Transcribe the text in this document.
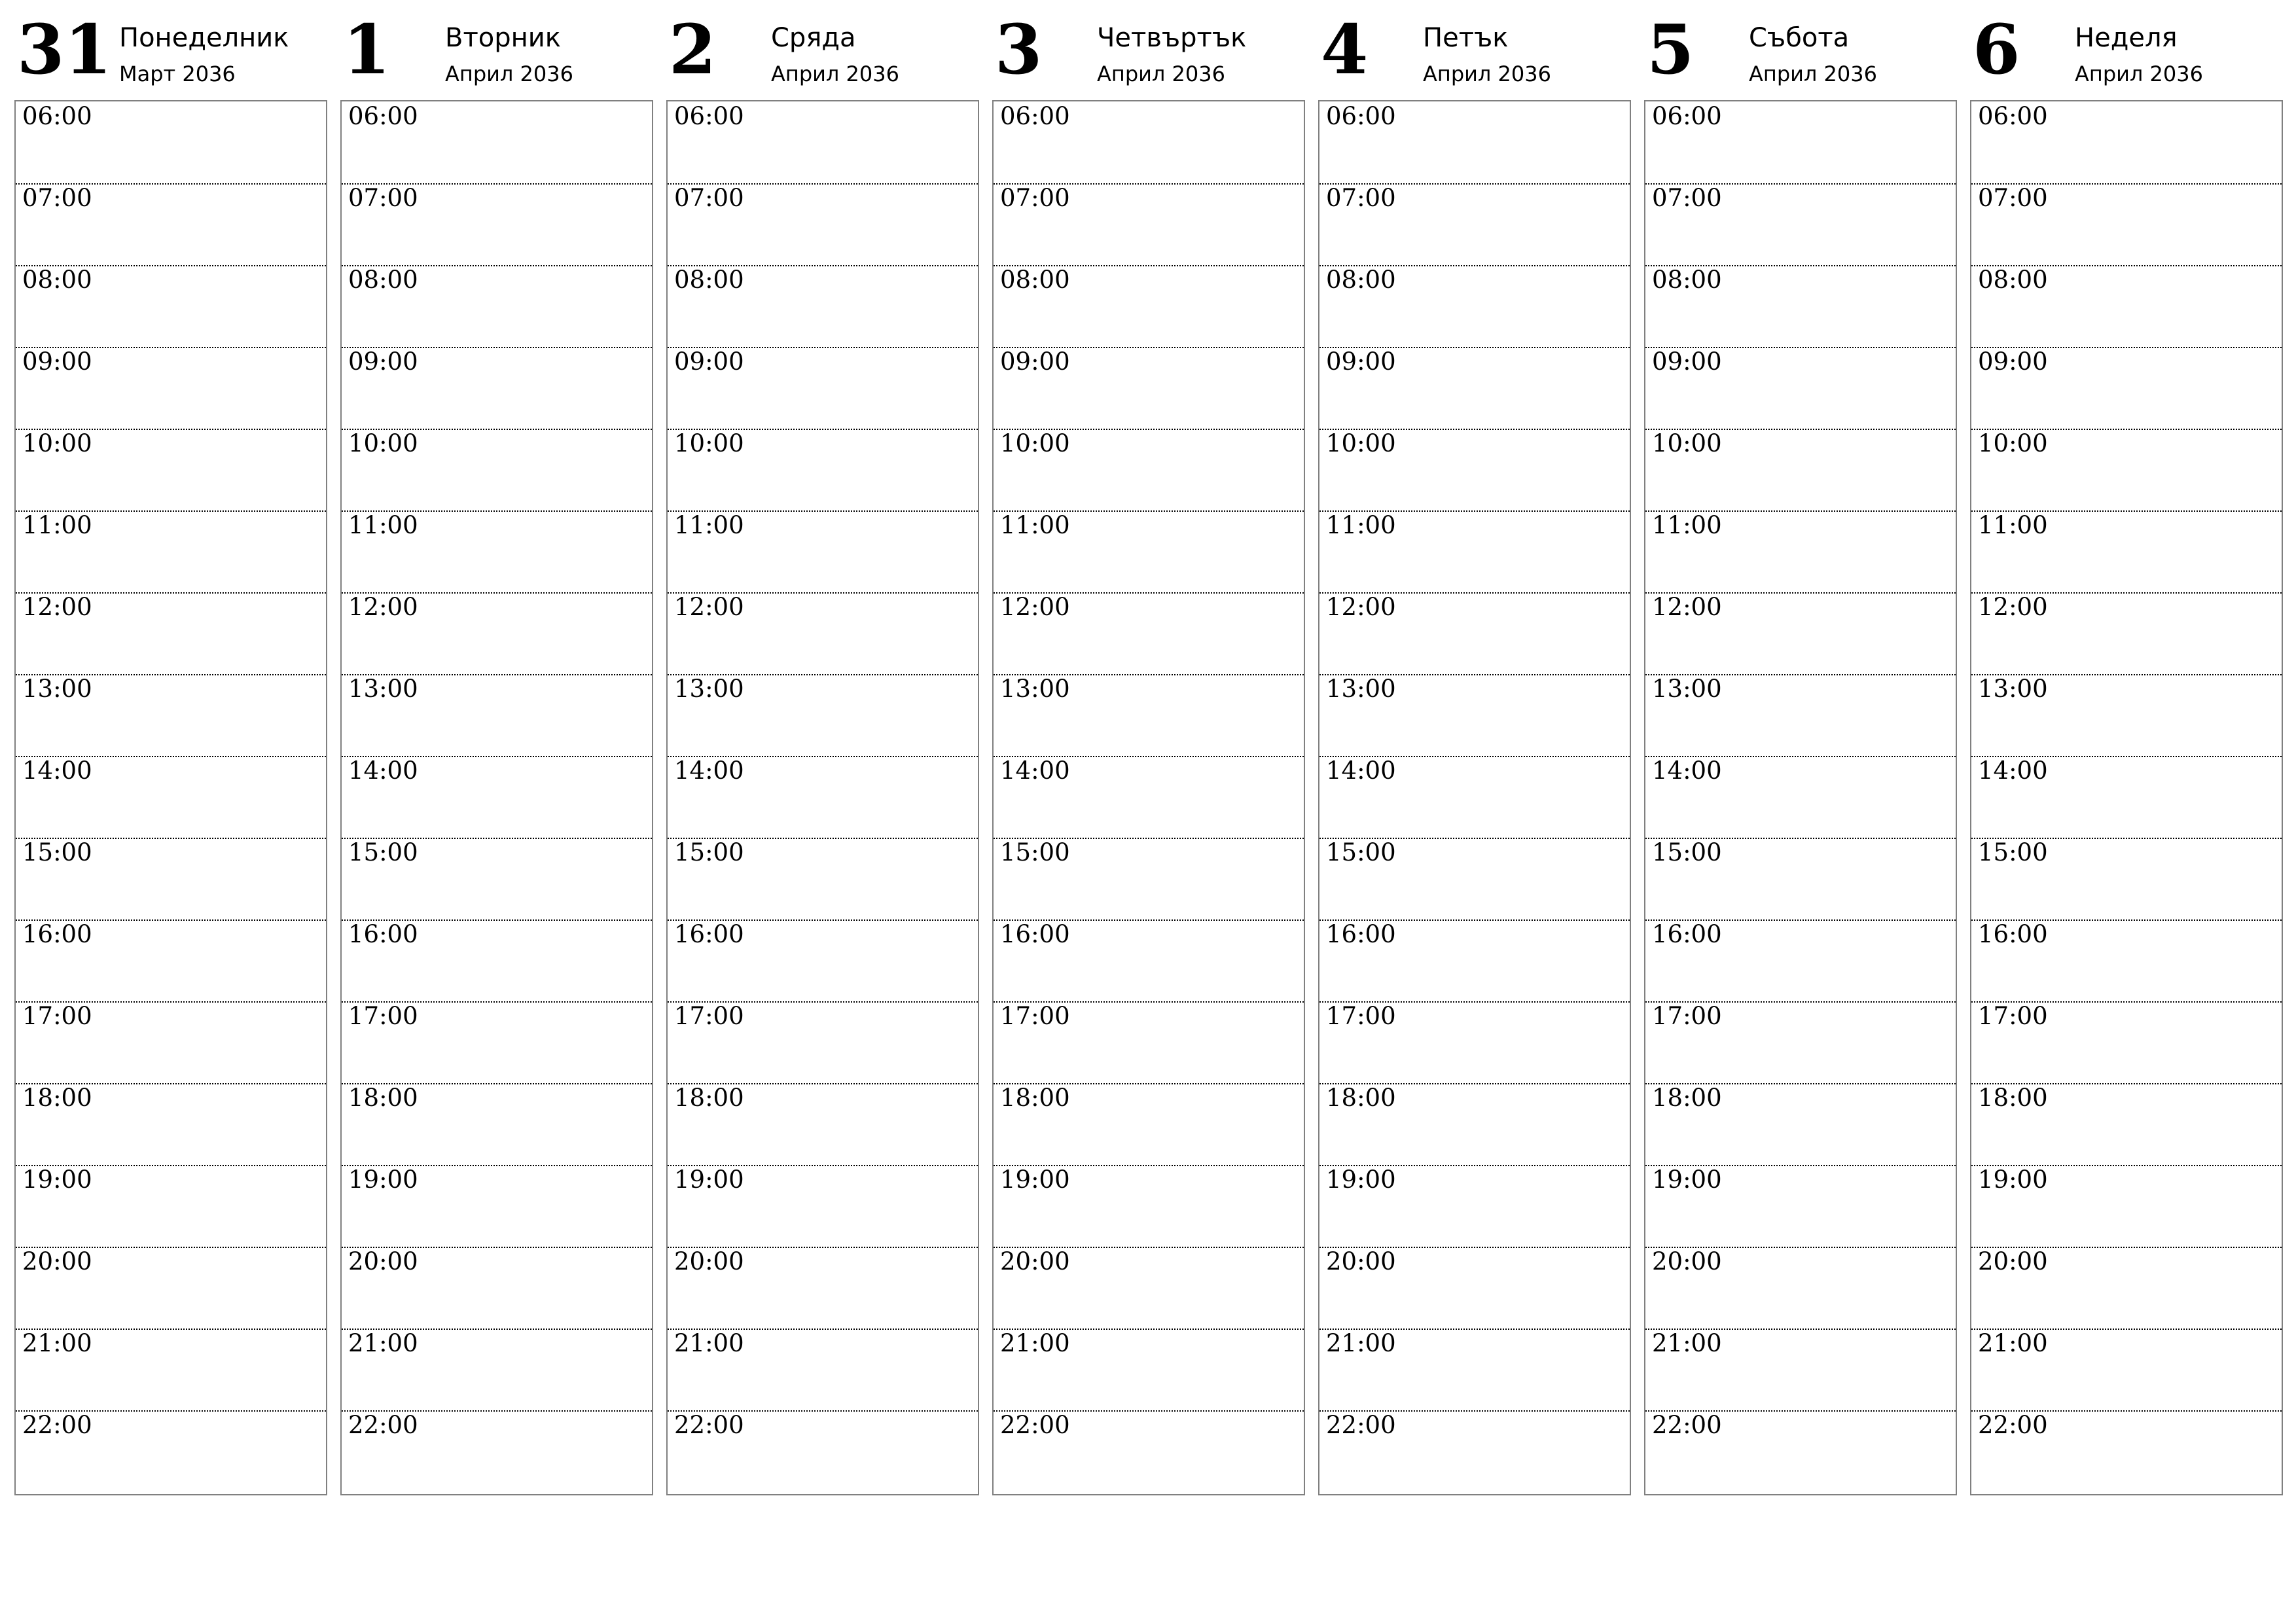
31 Понеделник
Март 2036
06:00
07:00
08:00
09:00
10:00
11:00
12:00
13:00
14:00
15:00
16:00
17:00
18:00
19:00
20:00
21:00
22:00
1 Вторник
Април 2036
06:00
07:00
08:00
09:00
10:00
11:00
12:00
13:00
14:00
15:00
16:00
17:00
18:00
19:00
20:00
21:00
22:00
2 Сряда
Април 2036
06:00
07:00
08:00
09:00
10:00
11:00
12:00
13:00
14:00
15:00
16:00
17:00
18:00
19:00
20:00
21:00
22:00
3 Четвъртък
Април 2036
06:00
07:00
08:00
09:00
10:00
11:00
12:00
13:00
14:00
15:00
16:00
17:00
18:00
19:00
20:00
21:00
22:00
4 Петък
Април 2036
06:00
07:00
08:00
09:00
10:00
11:00
12:00
13:00
14:00
15:00
16:00
17:00
18:00
19:00
20:00
21:00
22:00
5 Събота
Април 2036
06:00
07:00
08:00
09:00
10:00
11:00
12:00
13:00
14:00
15:00
16:00
17:00
18:00
19:00
20:00
21:00
22:00
6 Неделя
Април 2036
06:00
07:00
08:00
09:00
10:00
11:00
12:00
13:00
14:00
15:00
16:00
17:00
18:00
19:00
20:00
21:00
22:00
